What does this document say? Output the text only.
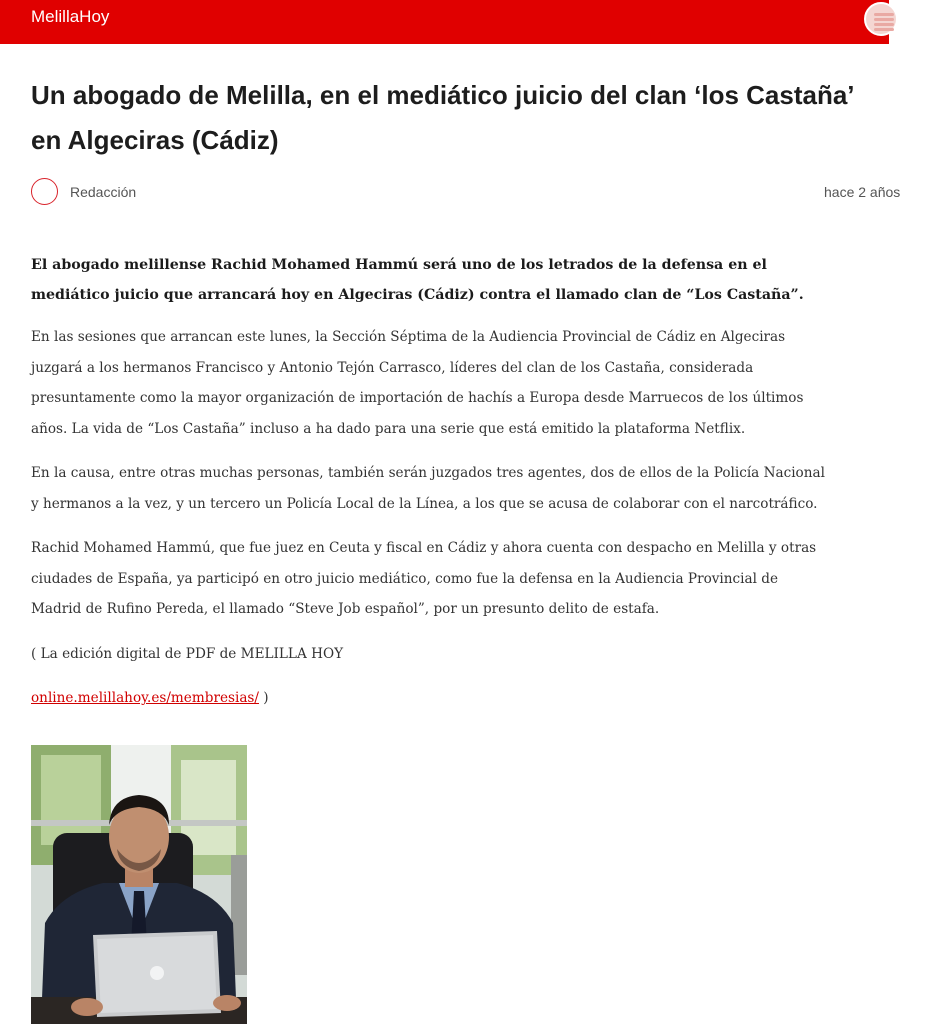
MelillaHoy
Un abogado de Melilla, en el mediático juicio del clan ‘los Castaña’
en Algeciras (Cádiz)
Redacción	hace 2 años

El abogado melillense Rachid Mohamed Hammú será uno de los letrados de la defensa en el
mediático juicio que arrancará hoy en Algeciras (Cádiz) contra el llamado clan de “Los Castaña”.

En las sesiones que arrancan este lunes, la Sección Séptima de la Audiencia Provincial de Cádiz en Algeciras
juzgará a los hermanos Francisco y Antonio Tejón Carrasco, líderes del clan de los Castaña, considerada
presuntamente como la mayor organización de importación de hachís a Europa desde Marruecos de los últimos
años. La vida de “Los Castaña” incluso a ha dado para una serie que está emitido la plataforma Netflix.

En la causa, entre otras muchas personas, también serán juzgados tres agentes, dos de ellos de la Policía Nacional
y hermanos a la vez, y un tercero un Policía Local de la Línea, a los que se acusa de colaborar con el narcotráfico.

Rachid Mohamed Hammú, que fue juez en Ceuta y fiscal en Cádiz y ahora cuenta con despacho en Melilla y otras
ciudades de España, ya participó en otro juicio mediático, como fue la defensa en la Audiencia Provincial de
Madrid de Rufino Pereda, el llamado “Steve Job español”, por un presunto delito de estafa.

( La edición digital de PDF de MELILLA HOY

online.melillahoy.es/membresias/ )
